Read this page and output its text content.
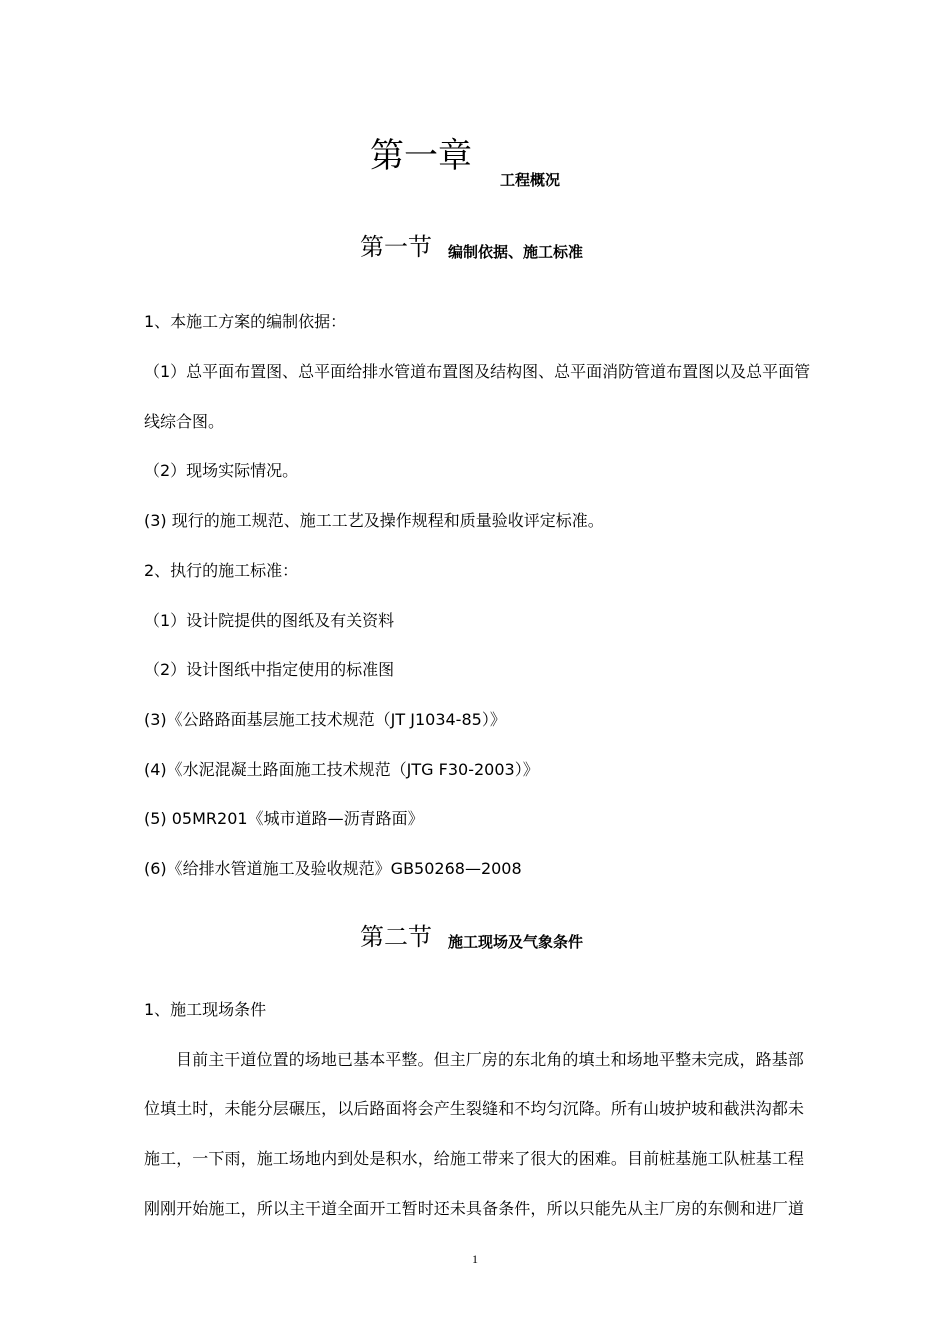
第一章
工程概况
第一节 编制依据、施工标准
1、本施工方案的编制依据：
（1）总平面布置图、总平面给排水管道布置图及结构图、总平面消防管道布置图以及总平面管
线综合图。
（2）现场实际情况。
(3) 现行的施工规范、施工工艺及操作规程和质量验收评定标准。
2、执行的施工标准：
（1）设计院提供的图纸及有关资料
（2）设计图纸中指定使用的标准图
(3)《公路路面基层施工技术规范（JT J1034-85）》
(4)《水泥混凝土路面施工技术规范（JTG F30-2003）》
(5) 05MR201《城市道路—沥青路面》
(6)《给排水管道施工及验收规范》GB50268—2008
第二节 施工现场及气象条件
1、施工现场条件
目前主干道位置的场地已基本平整。但主厂房的东北角的填土和场地平整未完成，路基部
位填土时，未能分层碾压，以后路面将会产生裂缝和不均匀沉降。所有山坡护坡和截洪沟都未
施工，一下雨，施工场地内到处是积水，给施工带来了很大的困难。目前桩基施工队桩基工程
刚刚开始施工，所以主干道全面开工暂时还未具备条件，所以只能先从主厂房的东侧和进厂道
1
